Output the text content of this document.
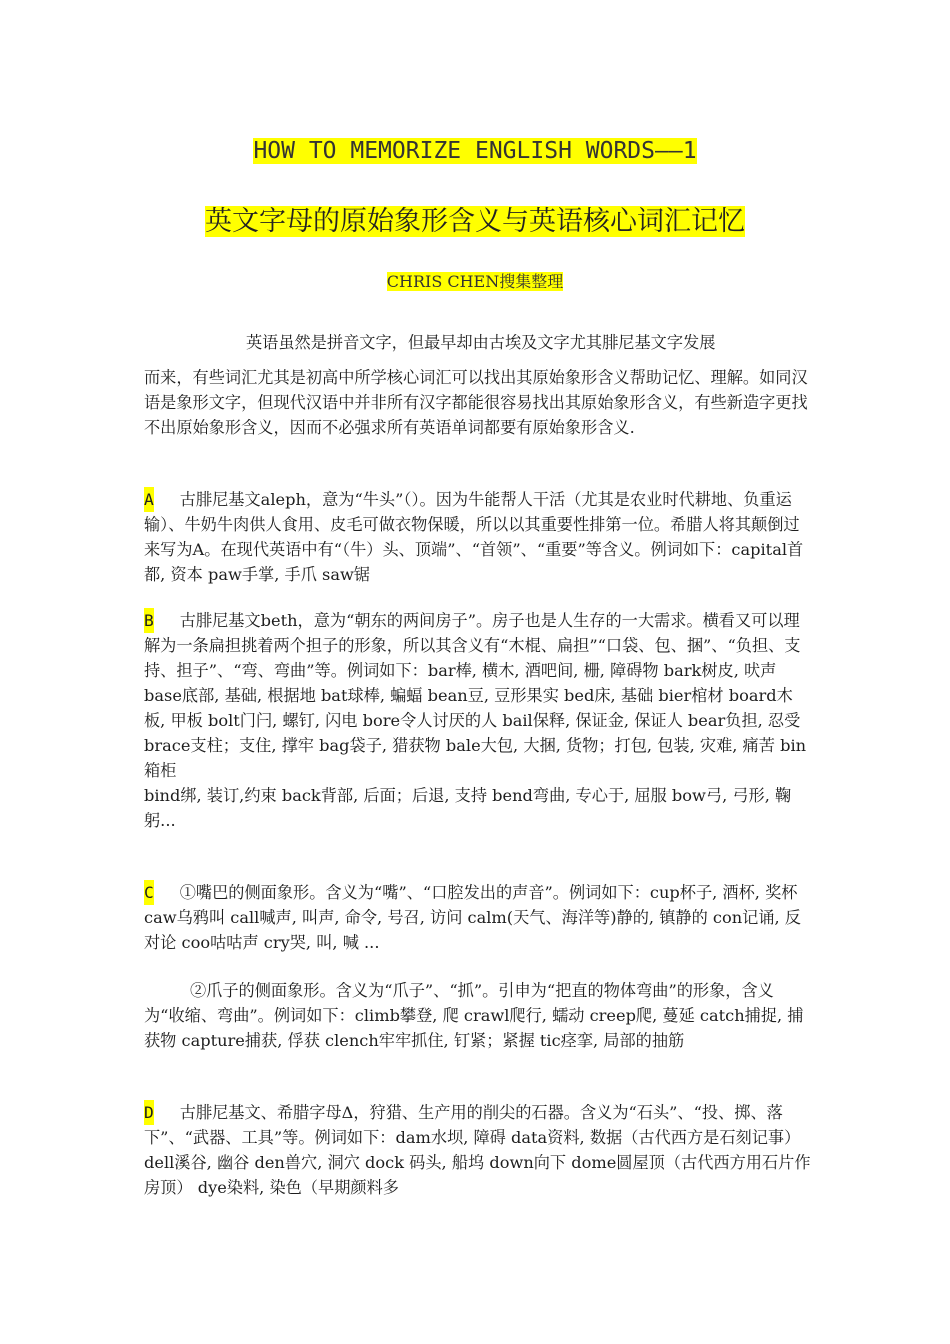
HOW TO MEMORIZE ENGLISH WORDS——1
英文字母的原始象形含义与英语核心词汇记忆
CHRIS CHEN搜集整理
英语虽然是拼音文字，但最早却由古埃及文字尤其腓尼基文字发展
而来，有些词汇尤其是初高中所学核心词汇可以找出其原始象形含义帮助记忆、理解。如同汉语是象形文字，但现代汉语中并非所有汉字都能很容易找出其原始象形含义，有些新造字更找不出原始象形含义，因而不必强求所有英语单词都要有原始象形含义.
A 古腓尼基文aleph，意为“牛头”（）。因为牛能帮人干活（尤其是农业时代耕地、负重运输）、牛奶牛肉供人食用、皮毛可做衣物保暖，所以以其重要性排第一位。希腊人将其颠倒过来写为A。在现代英语中有“（牛）头、顶端”、“首领”、“重要”等含义。例词如下：capital首都, 资本 paw手掌, 手爪 saw锯
B 古腓尼基文beth，意为“朝东的两间房子”。房子也是人生存的一大需求。横看又可以理解为一条扁担挑着两个担子的形象，所以其含义有“木棍、扁担”“口袋、包、捆”、“负担、支持、担子”、“弯、弯曲”等。例词如下：bar棒, 横木, 酒吧间, 栅, 障碍物 bark树皮, 吠声 base底部, 基础, 根据地 bat球棒, 蝙蝠 bean豆, 豆形果实 bed床, 基础 bier棺材 board木板, 甲板 bolt门闩, 螺钉, 闪电 bore令人讨厌的人 bail保释, 保证金, 保证人 bear负担, 忍受 brace支柱；支住, 撑牢 bag袋子, 猎获物 bale大包, 大捆, 货物；打包, 包装, 灾难, 痛苦 bin箱柜
bind绑, 装订,约束 back背部, 后面；后退, 支持 bend弯曲, 专心于, 屈服 bow弓, 弓形, 鞠躬...
C ①嘴巴的侧面象形。含义为“嘴”、“口腔发出的声音”。例词如下：cup杯子, 酒杯, 奖杯 caw乌鸦叫 call喊声, 叫声, 命令, 号召, 访问 calm(天气、海洋等)静的, 镇静的 con记诵, 反对论 coo咕咕声 cry哭, 叫, 喊 ...
②爪子的侧面象形。含义为“爪子”、“抓”。引申为“把直的物体弯曲”的形象，含义为“收缩、弯曲”。例词如下：climb攀登, 爬 crawl爬行, 蠕动 creep爬, 蔓延 catch捕捉, 捕获物 capture捕获, 俘获 clench牢牢抓住, 钉紧；紧握 tic痉挛, 局部的抽筋
D 古腓尼基文、希腊字母Δ，狩猎、生产用的削尖的石器。含义为“石头”、“投、掷、落下”、“武器、工具”等。例词如下：dam水坝, 障碍 data资料, 数据（古代西方是石刻记事） dell溪谷, 幽谷 den兽穴, 洞穴 dock 码头, 船坞 down向下 dome圆屋顶（古代西方用石片作房顶） dye染料, 染色（早期颜料多
